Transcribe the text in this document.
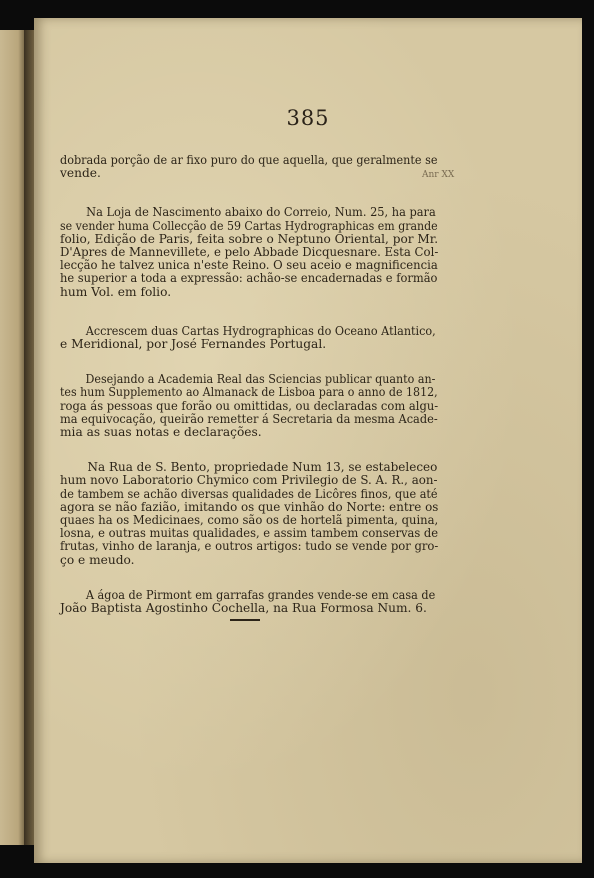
385
Anr XX

dobrada porção de ar fixo puro do que aquella, que geralmente se

vende.

Na Loja de Nascimento abaixo do Correio, Num. 25, ha para

se vender huma Collecção de 59 Cartas Hydrographicas em grande

folio, Edição de Paris, feita sobre o Neptuno Oriental, por Mr.

D'Apres de Mannevillete, e pelo Abbade Dicquesnare. Esta Col-

lecção he talvez unica n'este Reino. O seu aceio e magnificencia

he superior a toda a expressão: achão-se encadernadas e formão

hum Vol. em folio.

Accrescem duas Cartas Hydrographicas do Oceano Atlantico,

e Meridional, por José Fernandes Portugal.

Desejando a Academia Real das Sciencias publicar quanto an-

tes hum Supplemento ao Almanack de Lisboa para o anno de 1812,

roga ás pessoas que forão ou omittidas, ou declaradas com algu-

ma equivocação, queirão remetter á Secretaria da mesma Acade-

mia as suas notas e declarações.

Na Rua de S. Bento, propriedade Num 13, se estabeleceo

hum novo Laboratorio Chymico com Privilegio de S. A. R., aon-

de tambem se achão diversas qualidades de Licôres finos, que até

agora se não fazião, imitando os que vinhão do Norte: entre os

quaes ha os Medicinaes, como são os de hortelã pimenta, quina,

losna, e outras muitas qualidades, e assim tambem conservas de

frutas, vinho de laranja, e outros artigos: tudo se vende por gro-

ço e meudo.

A ágoa de Pirmont em garrafas grandes vende-se em casa de

João Baptista Agostinho Cochella, na Rua Formosa Num. 6.
